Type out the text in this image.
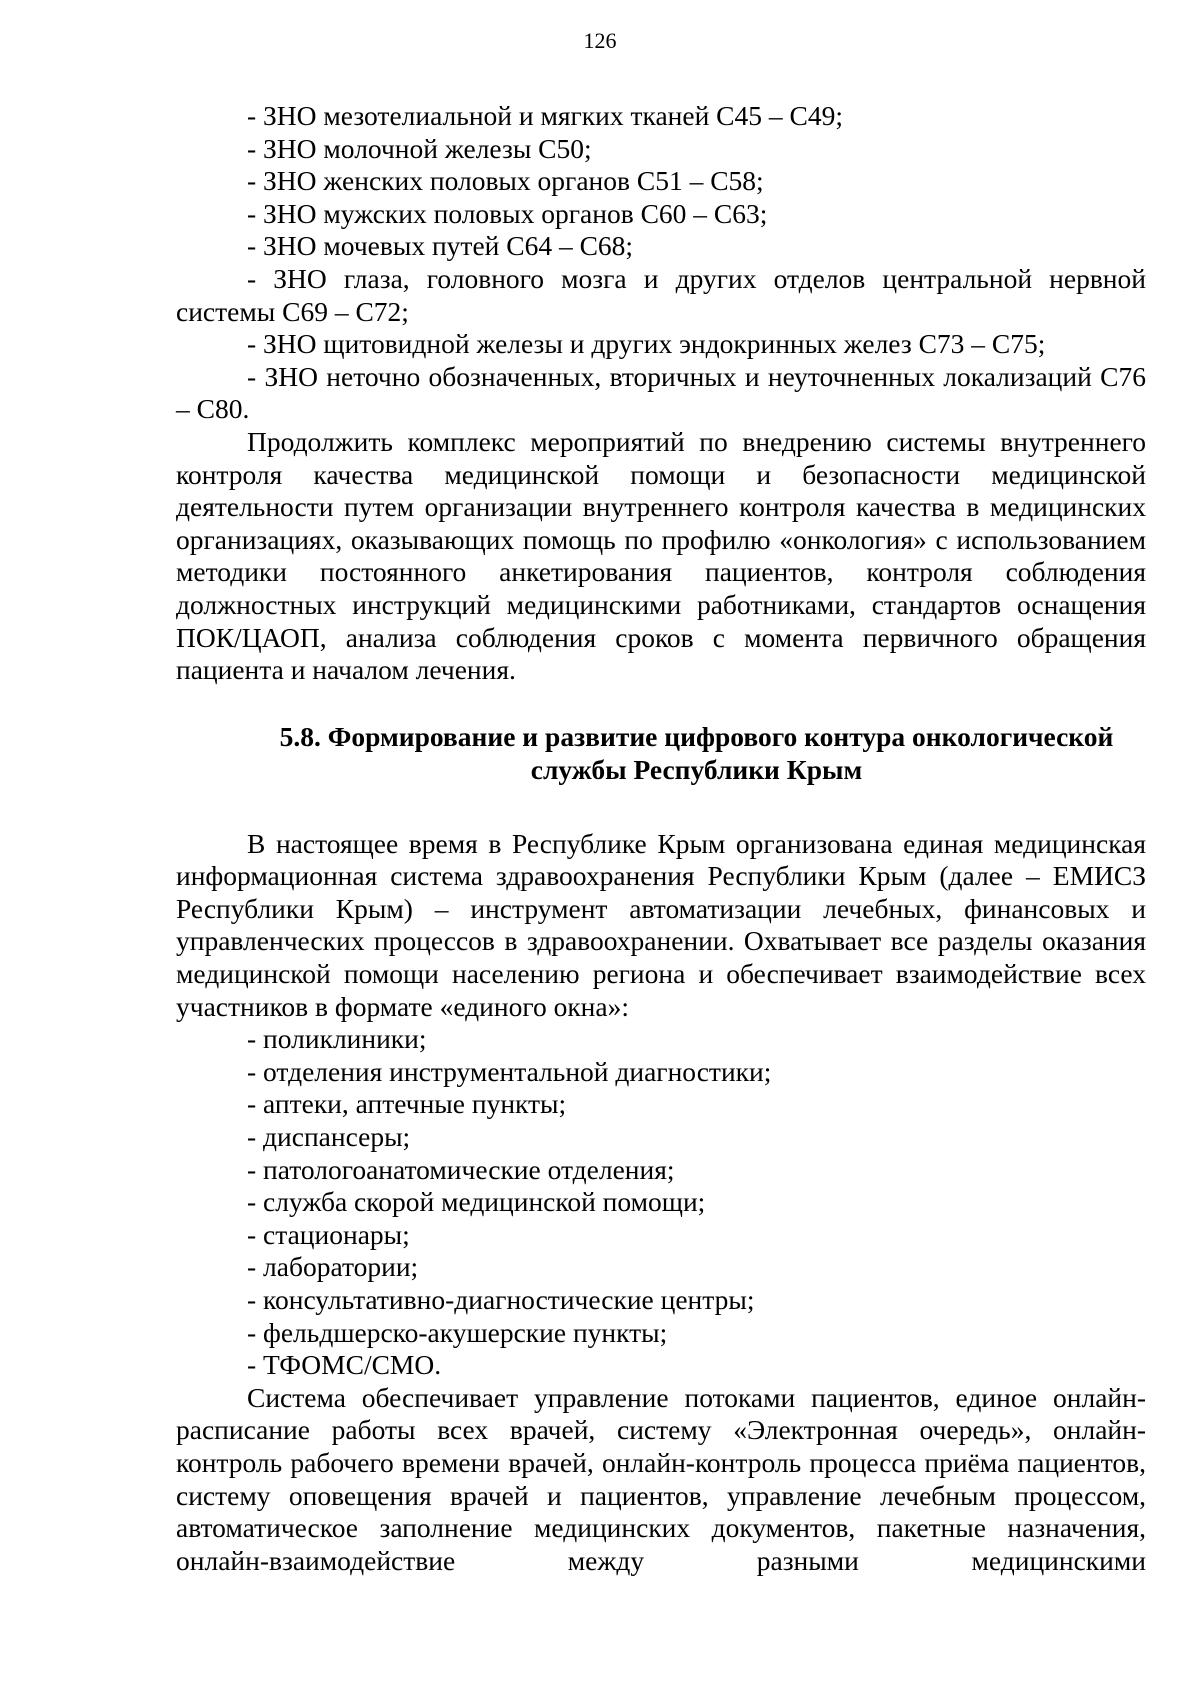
126

- ЗНО мезотелиальной и мягких тканей С45 – С49;

- ЗНО молочной железы С50;

- ЗНО женских половых органов С51 – С58;

- ЗНО мужских половых органов С60 – С63;

- ЗНО мочевых путей С64 – С68;

- ЗНО глаза, головного мозга и других отделов центральной нервной системы С69 – С72;

- ЗНО щитовидной железы и других эндокринных желез С73 – С75;

- ЗНО неточно обозначенных, вторичных и неуточненных локализаций С76 – С80.

Продолжить комплекс мероприятий по внедрению системы внутреннего контроля качества медицинской помощи и безопасности медицинской деятельности путем организации внутреннего контроля качества в медицинских организациях, оказывающих помощь по профилю «онкология» с использованием методики постоянного анкетирования пациентов, контроля соблюдения должностных инструкций медицинскими работниками, стандартов оснащения ПОК/ЦАОП, анализа соблюдения сроков с момента первичного обращения пациента и началом лечения.

5.8. Формирование и развитие цифрового контура онкологической

службы Республики Крым

В настоящее время в Республике Крым организована единая медицинская информационная система здравоохранения Республики Крым (далее – ЕМИСЗ Республики Крым) – инструмент автоматизации лечебных, финансовых и управленческих процессов в здравоохранении. Охватывает все разделы оказания медицинской помощи населению региона и обеспечивает взаимодействие всех участников в формате «единого окна»:

- поликлиники;

- отделения инструментальной диагностики;

- аптеки, аптечные пункты;

- диспансеры;

- патологоанатомические отделения;

- служба скорой медицинской помощи;

- стационары;

- лаборатории;

- консультативно-диагностические центры;

- фельдшерско-акушерские пункты;

- ТФОМС/СМО.

Система обеспечивает управление потоками пациентов, единое онлайн-расписание работы всех врачей, систему «Электронная очередь», онлайн-контроль рабочего времени врачей, онлайн-контроль процесса приёма пациентов, систему оповещения врачей и пациентов, управление лечебным процессом, автоматическое заполнение медицинских документов, пакетные назначения, онлайн-взаимодействие между разными медицинскими
